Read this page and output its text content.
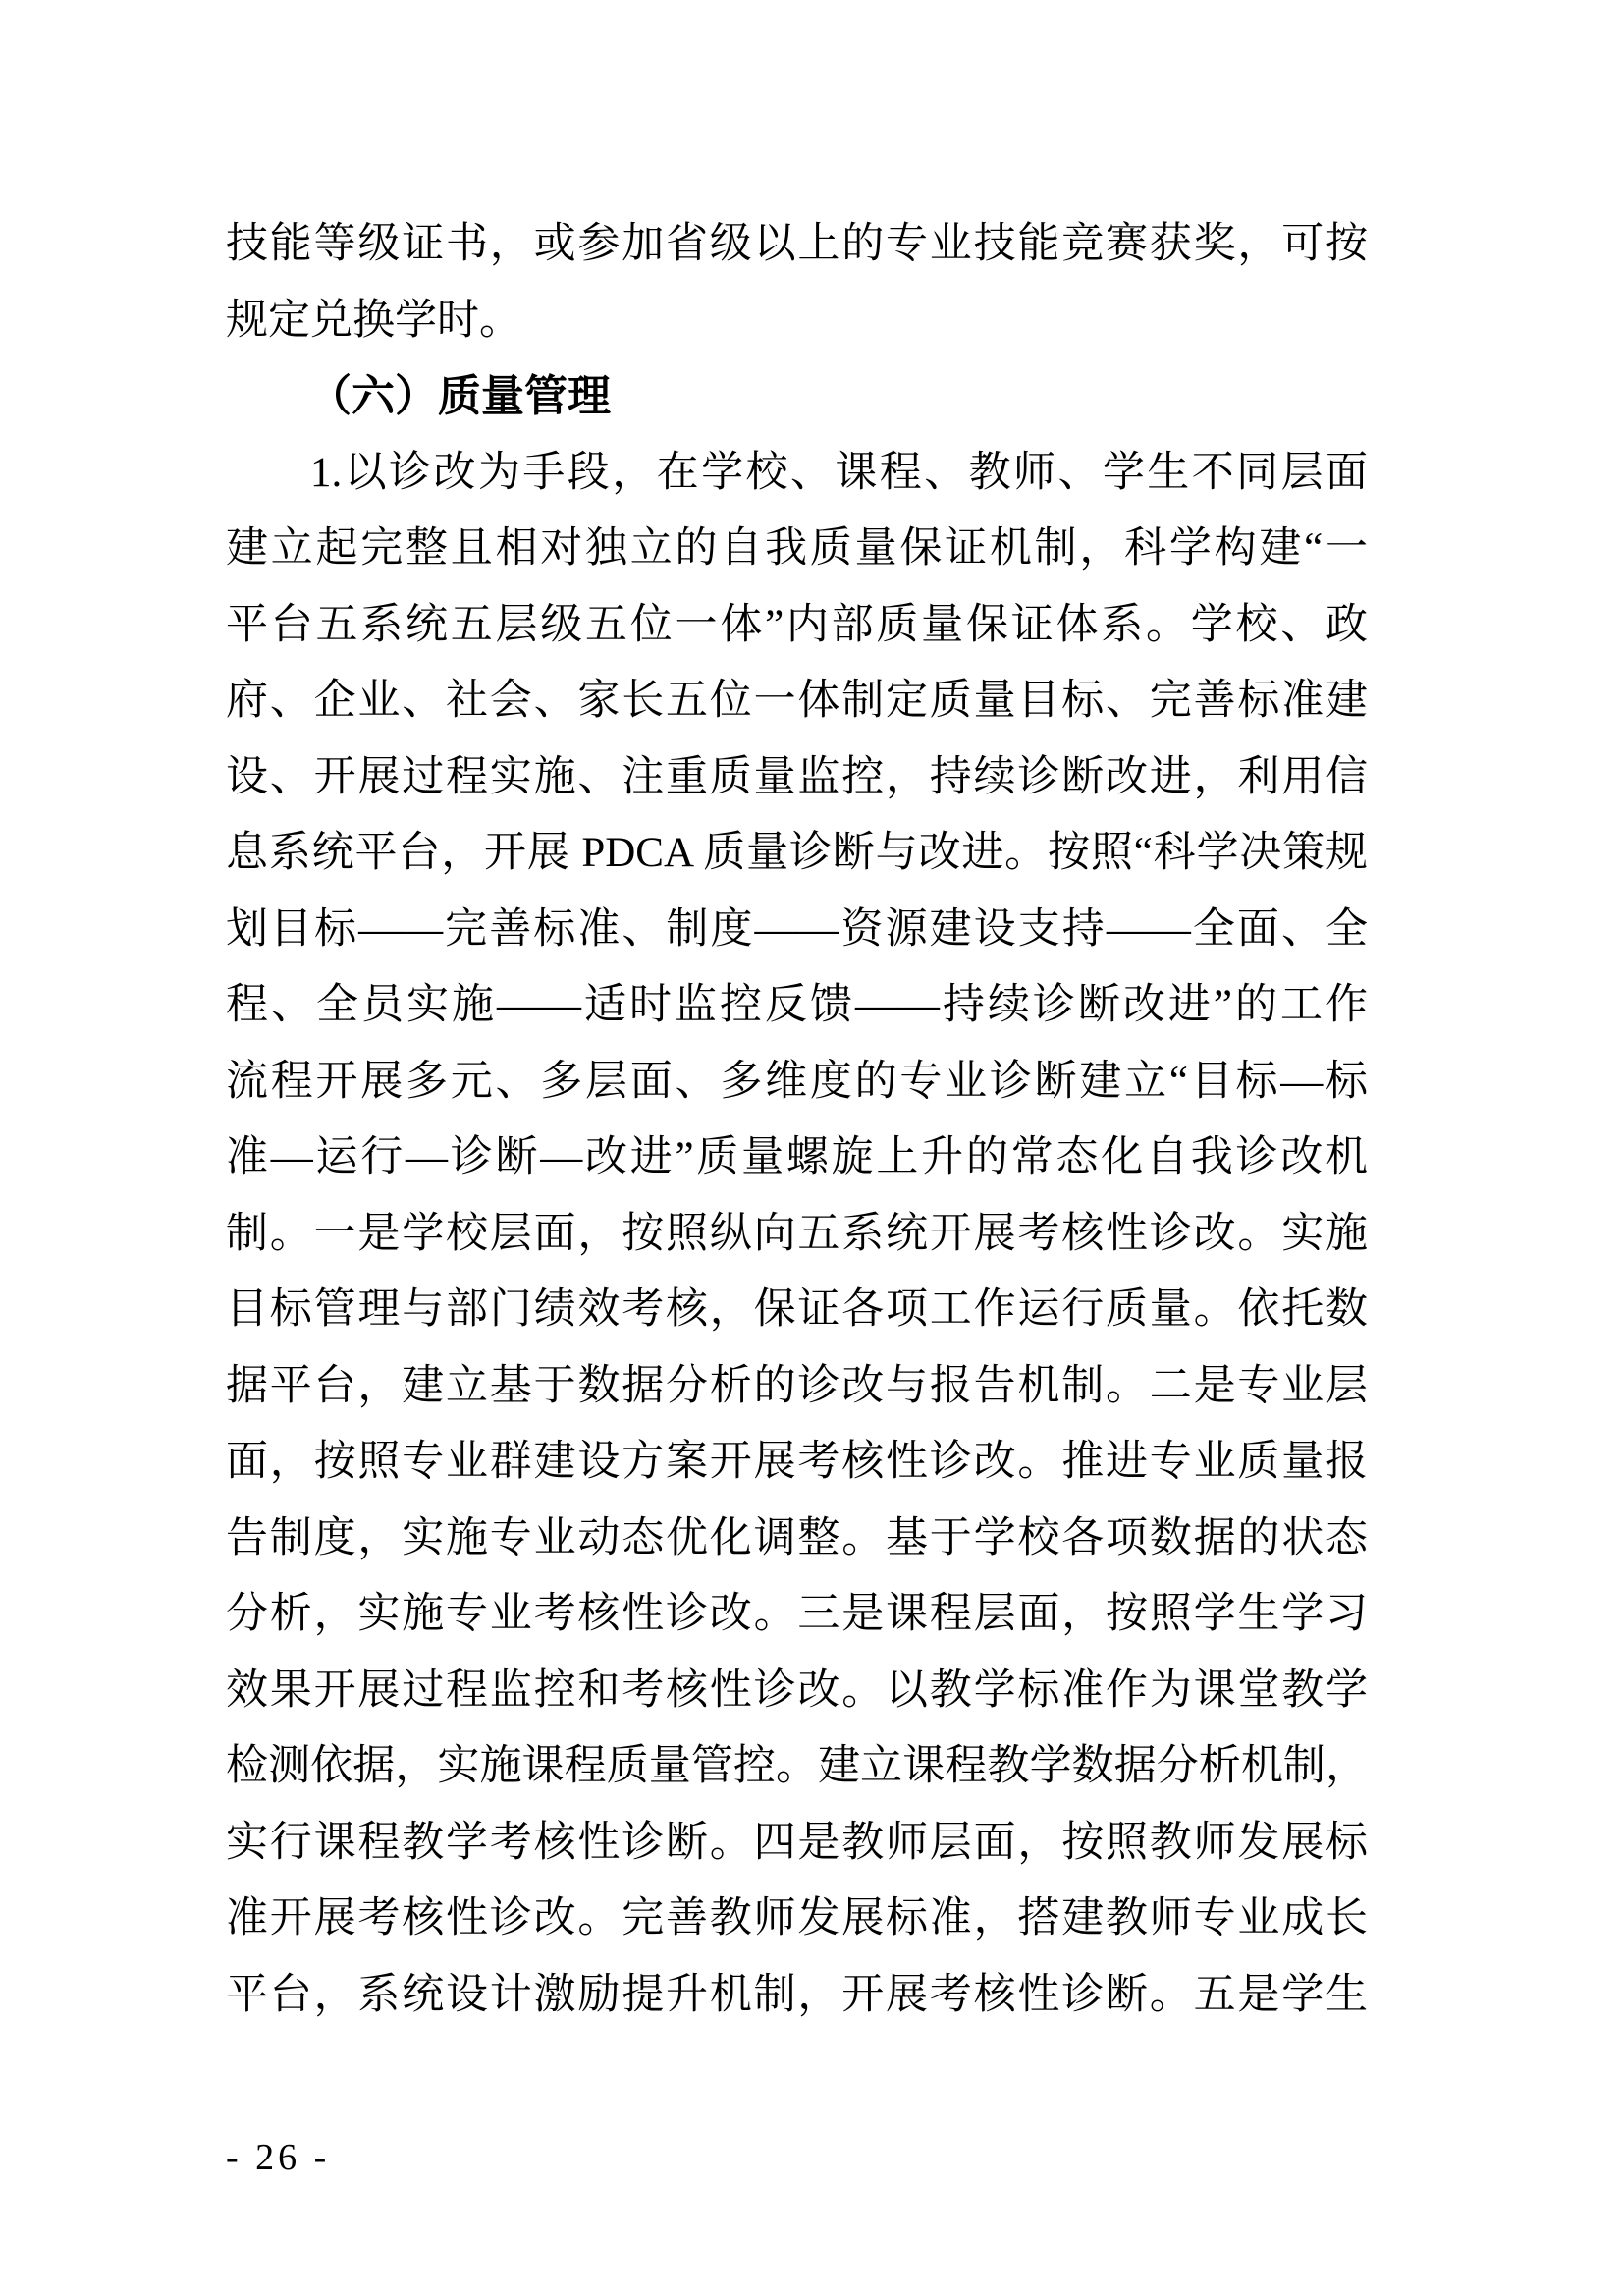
技能等级证书，或参加省级以上的专业技能竞赛获奖，可按
规定兑换学时。
（六）质量管理
1.以诊改为手段，在学校、课程、教师、学生不同层面
建立起完整且相对独立的自我质量保证机制，科学构建“一
平台五系统五层级五位一体”内部质量保证体系。学校、政
府、企业、社会、家长五位一体制定质量目标、完善标准建
设、开展过程实施、注重质量监控，持续诊断改进，利用信
息系统平台，开展 PDCA 质量诊断与改进。按照“科学决策规
划目标——完善标准、制度——资源建设支持——全面、全
程、全员实施——适时监控反馈——持续诊断改进”的工作
流程开展多元、多层面、多维度的专业诊断建立“目标—标
准—运行—诊断—改进”质量螺旋上升的常态化自我诊改机
制。一是学校层面，按照纵向五系统开展考核性诊改。实施
目标管理与部门绩效考核，保证各项工作运行质量。依托数
据平台，建立基于数据分析的诊改与报告机制。二是专业层
面，按照专业群建设方案开展考核性诊改。推进专业质量报
告制度，实施专业动态优化调整。基于学校各项数据的状态
分析，实施专业考核性诊改。三是课程层面，按照学生学习
效果开展过程监控和考核性诊改。以教学标准作为课堂教学
检测依据，实施课程质量管控。建立课程教学数据分析机制，
实行课程教学考核性诊断。四是教师层面，按照教师发展标
准开展考核性诊改。完善教师发展标准，搭建教师专业成长
平台，系统设计激励提升机制，开展考核性诊断。五是学生
- 26 -
